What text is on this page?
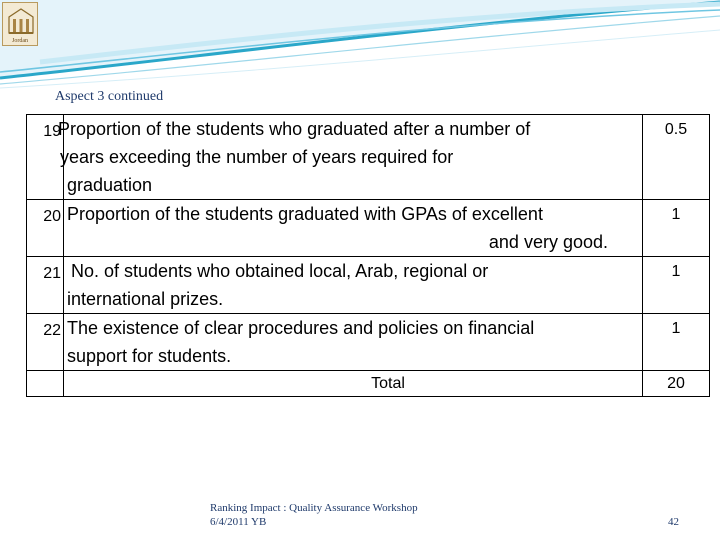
Jordan
Aspect 3 continued
19	Proportion of the students who graduated after a number of
years exceeding the number of years required for
graduation	0.5
20	Proportion of the students graduated with GPAs of excellent
and very good.	1
21	No. of students who obtained local, Arab, regional or
international prizes.	1
22	The existence of clear procedures and policies on financial
support for students.	1
	Total	20
Ranking Impact : Quality Assurance Workshop
6/4/2011 YB	42
